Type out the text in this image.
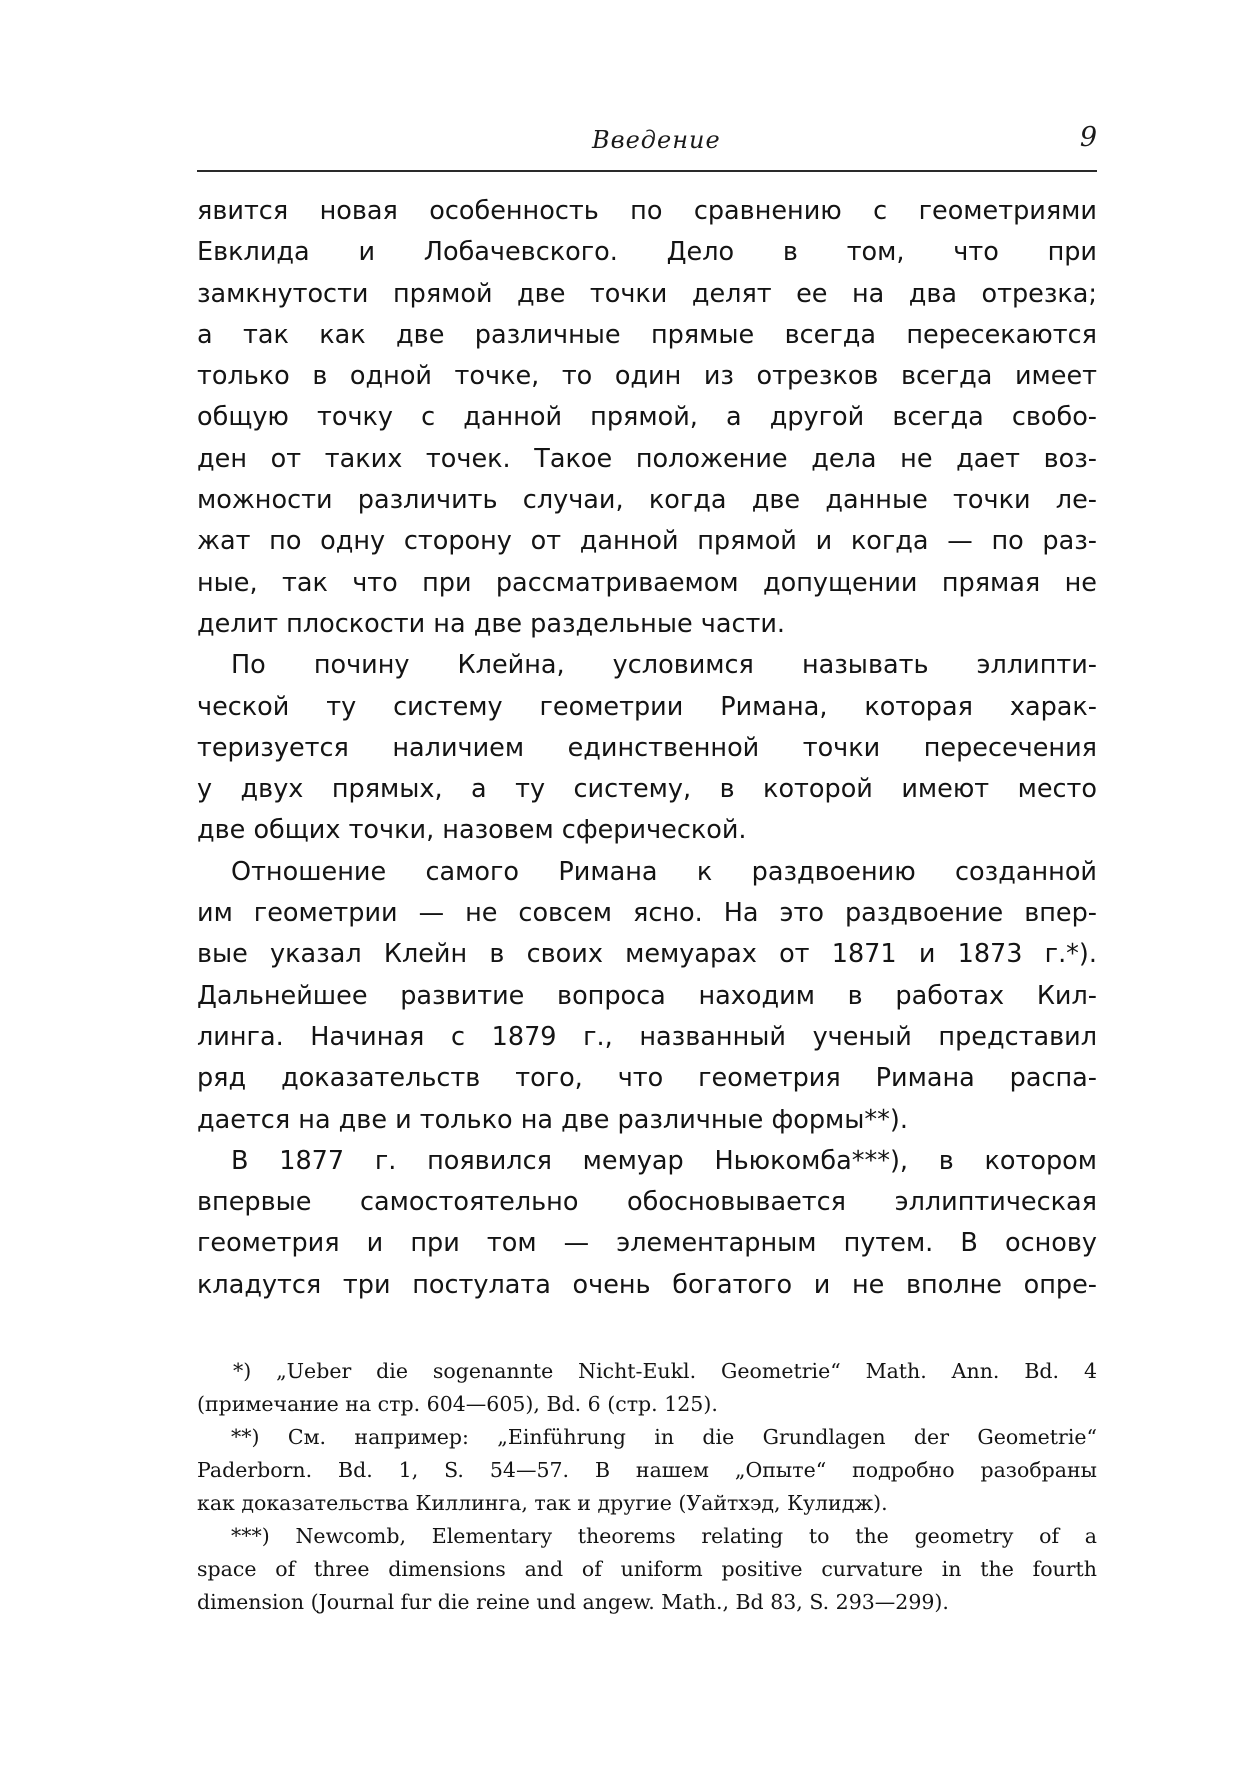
Введение	9
явится новая особенность по сравнению с геометриями
Евклида и Лобачевского. Дело в том, что при
замкнутости прямой две точки делят ее на два отрезка;
а так как две различные прямые всегда пересекаются
только в одной точке, то один из отрезков всегда имеет
общую точку с данной прямой, а другой всегда свобо-
ден от таких точек. Такое положение дела не дает воз-
можности различить случаи, когда две данные точки ле-
жат по одну сторону от данной прямой и когда — по раз-
ные, так что при рассматриваемом допущении прямая не
делит плоскости на две раздельные части.
По почину Клейна, условимся называть эллипти-
ческой ту систему геометрии Римана, которая харак-
теризуется наличием единственной точки пересечения
у двух прямых, а ту систему, в которой имеют место
две общих точки, назовем сферической.
Отношение самого Римана к раздвоению созданной
им геометрии — не совсем ясно. На это раздвоение впер-
вые указал Клейн в своих мемуарах от 1871 и 1873 г.*).
Дальнейшее развитие вопроса находим в работах Кил-
линга. Начиная с 1879 г., названный ученый представил
ряд доказательств того, что геометрия Римана распа-
дается на две и только на две различные формы**).
В 1877 г. появился мемуар Ньюкомба***), в котором
впервые самостоятельно обосновывается эллиптическая
геометрия и при том — элементарным путем. В основу
кладутся три постулата очень богатого и не вполне опре-
*) „Ueber die sogenannte Nicht-Eukl. Geometrie“ Math. Ann. Bd. 4
(примечание на стр. 604—605), Bd. 6 (стр. 125).
**) См. например: „Einführung in die Grundlagen der Geometrie“
Paderborn. Bd. 1, S. 54—57. В нашем „Опыте“ подробно разобраны
как доказательства Киллинга, так и другие (Уайтхэд, Кулидж).
***) Newcomb, Elementary theorems relating to the geometry of a
space of three dimensions and of uniform positive curvature in the fourth
dimension (Journal fur die reine und angew. Math., Bd 83, S. 293—299).
